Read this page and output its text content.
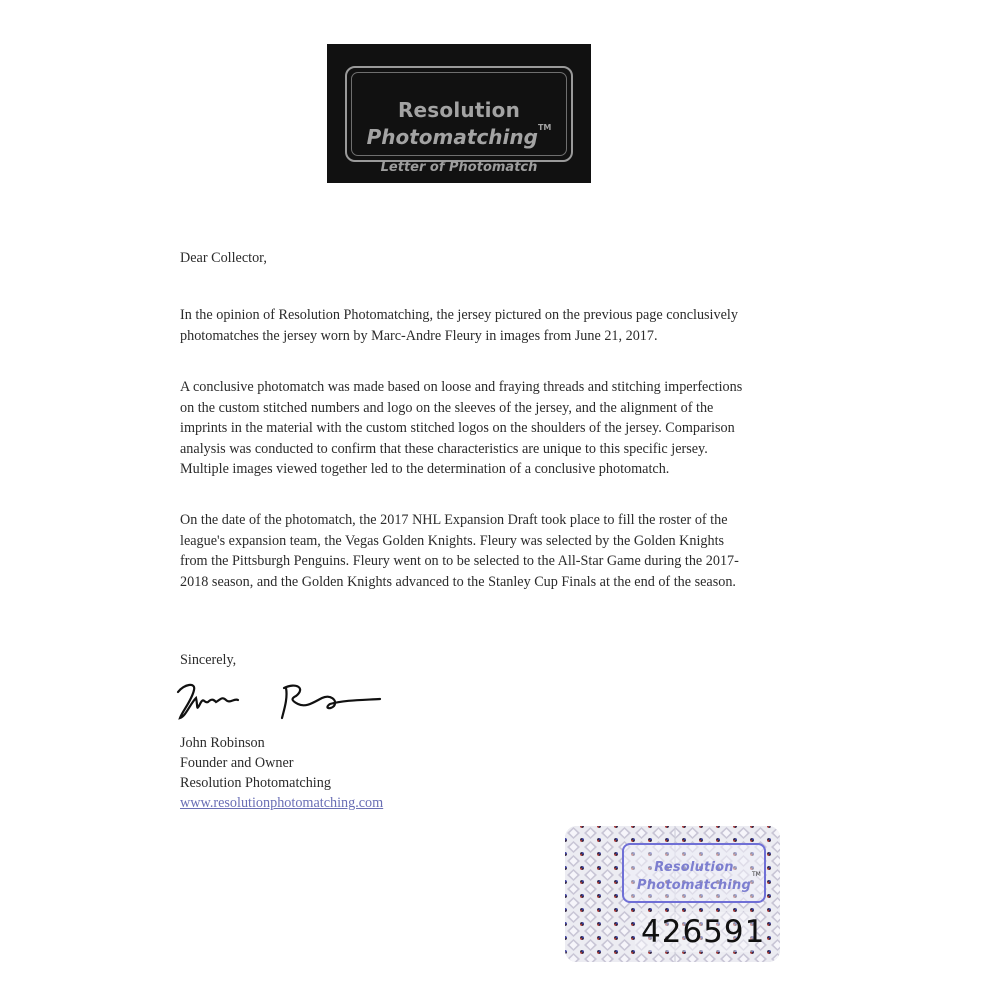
Resolution
Photomatching™
Letter of Photomatch

Dear Collector,

In the opinion of Resolution Photomatching, the jersey pictured on the previous page conclusively photomatches the jersey worn by Marc-Andre Fleury in images from June 21, 2017.

A conclusive photomatch was made based on loose and fraying threads and stitching imperfections on the custom stitched numbers and logo on the sleeves of the jersey, and the alignment of the imprints in the material with the custom stitched logos on the shoulders of the jersey. Comparison analysis was conducted to confirm that these characteristics are unique to this specific jersey. Multiple images viewed together led to the determination of a conclusive photomatch.

On the date of the photomatch, the 2017 NHL Expansion Draft took place to fill the roster of the league's expansion team, the Vegas Golden Knights. Fleury was selected by the Golden Knights from the Pittsburgh Penguins. Fleury went on to be selected to the All-Star Game during the 2017-2018 season, and the Golden Knights advanced to the Stanley Cup Finals at the end of the season.

Sincerely,

John Robinson
Founder and Owner
Resolution Photomatching
www.resolutionphotomatching.com
Resolution
Photomatching
TM
426591
